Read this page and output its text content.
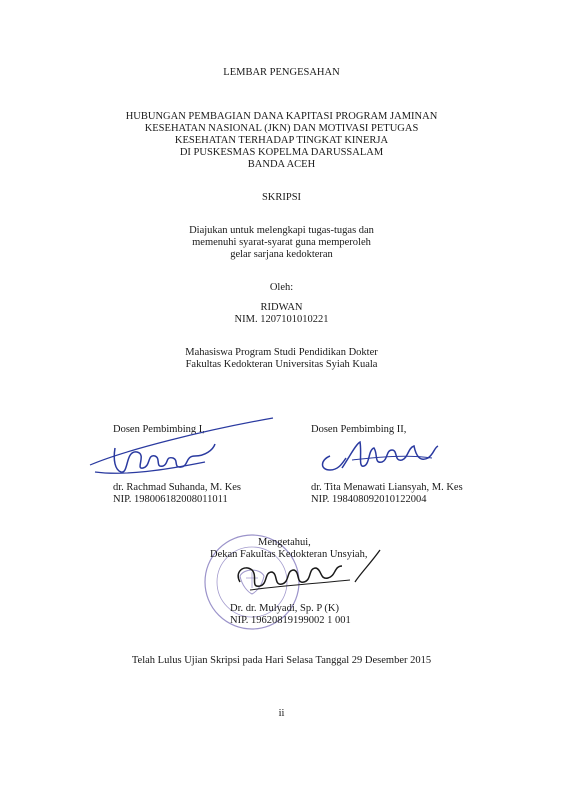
LEMBAR PENGESAHAN
HUBUNGAN PEMBAGIAN DANA KAPITASI PROGRAM JAMINAN
KESEHATAN NASIONAL (JKN) DAN MOTIVASI PETUGAS
KESEHATAN TERHADAP TINGKAT KINERJA
DI PUSKESMAS KOPELMA DARUSSALAM
BANDA ACEH
SKRIPSI
Diajukan untuk melengkapi tugas-tugas dan
memenuhi syarat-syarat guna memperoleh
gelar sarjana kedokteran
Oleh:
RIDWAN
NIM. 1207101010221
Mahasiswa Program Studi Pendidikan Dokter
Fakultas Kedokteran Universitas Syiah Kuala
Dosen Pembimbing I,
dr. Rachmad Suhanda, M. Kes
NIP. 198006182008011011
Dosen Pembimbing II,
dr. Tita Menawati Liansyah, M. Kes
NIP. 198408092010122004
Mengetahui,
Dekan Fakultas Kedokteran Unsyiah,
Dr. dr. Mulyadi, Sp. P (K)
NIP. 19620819199002 1 001
Telah Lulus Ujian Skripsi pada Hari Selasa Tanggal 29 Desember 2015
ii
